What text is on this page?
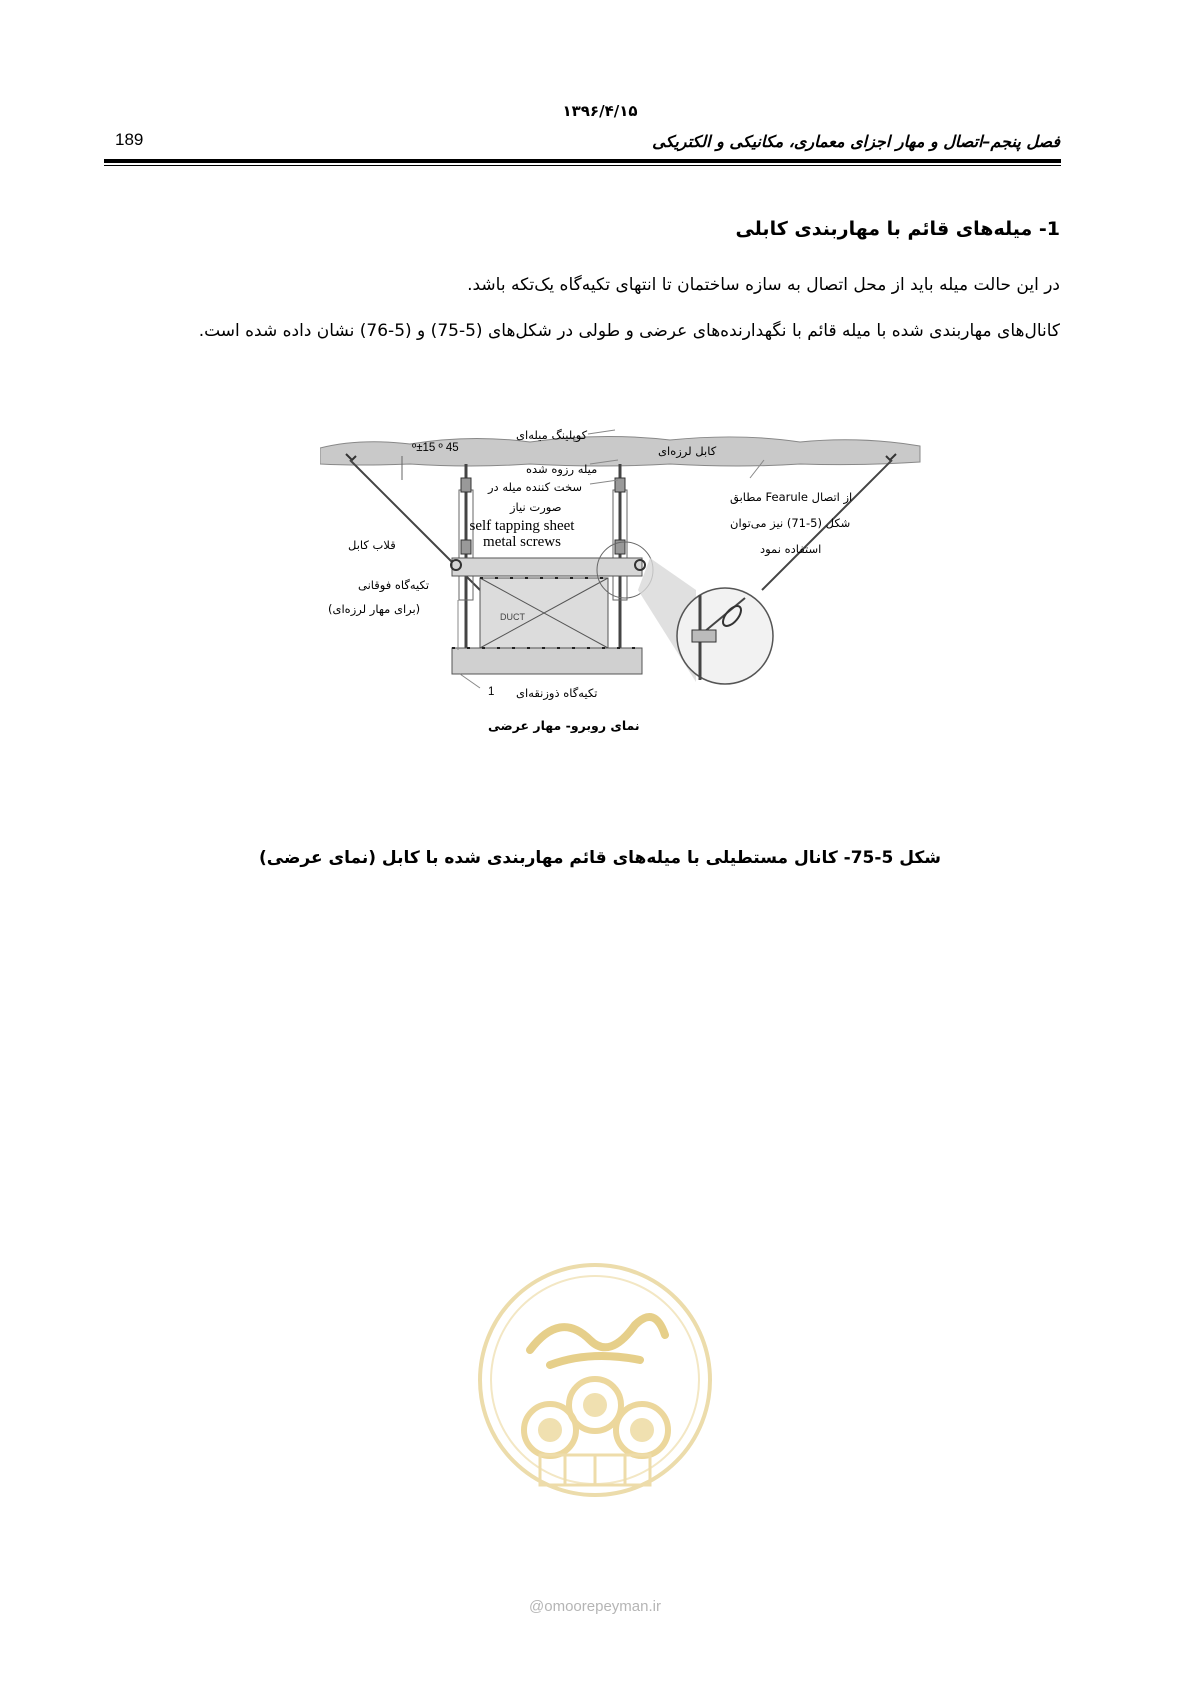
۱۳۹۶/۴/۱۵
189	فصل پنجم–اتصال و مهار اجزای معماری، مکانیکی و الکتریکی
1- میله‌های قائم با مهاربندی کابلی
در این حالت میله باید از محل اتصال به سازه ساختمان تا انتهای تکیه‌گاه یک‌تکه باشد.
کانال‌های مهاربندی شده با میله قائم با نگهدارنده‌های عرضی و طولی در شکل‌های (5-75) و (5-76) نشان داده شده است.
DUCT
45 º±15 º
کوپلینگ میله‌ای
میله رزوه شده
سخت کننده میله در
صورت نیاز
self tapping sheet
metal screws
کابل لرزه‌ای
از اتصال Fearule مطابق
شکل (5-71) نیز می‌توان
استفاده نمود
قلاب کابل
تکیه‌گاه فوقانی
(برای مهار لرزه‌ای)
1 تکیه‌گاه ذوزنقه‌ای
نمای روبرو- مهار عرضی
شکل 5-75- کانال مستطیلی با میله‌های قائم مهاربندی شده با کابل (نمای عرضی)
@omoorepeyman.ir
